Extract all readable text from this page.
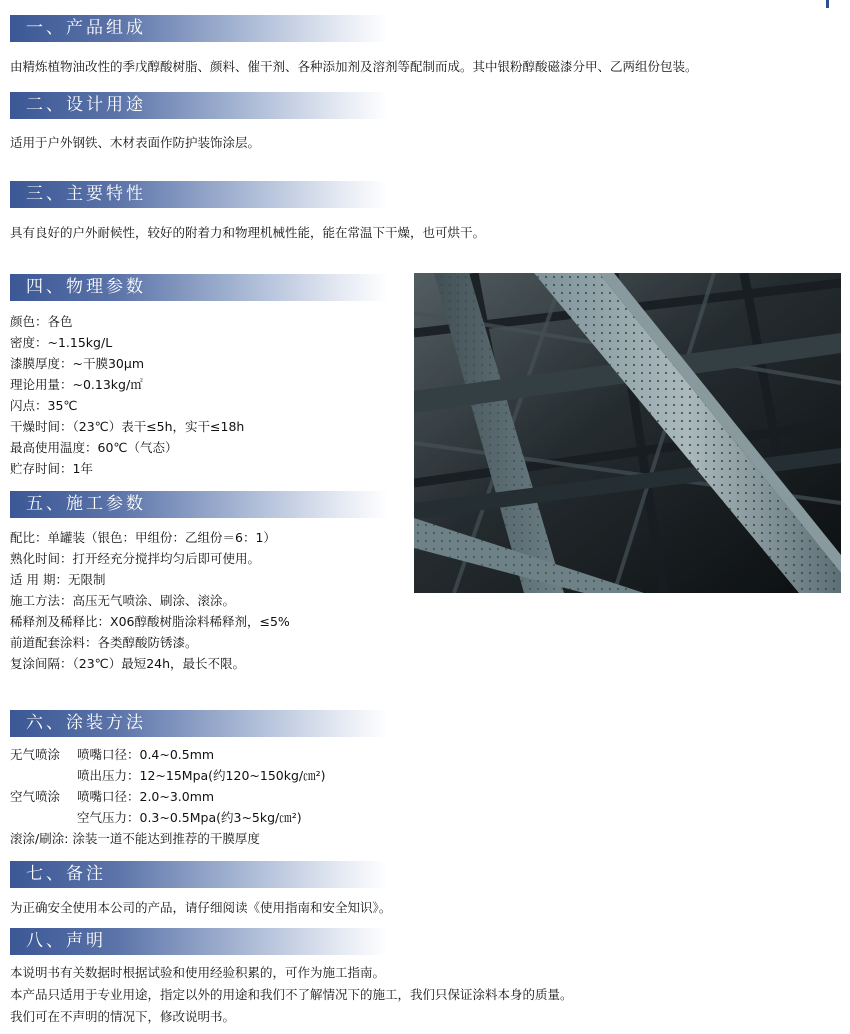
一、产品组成
由精炼植物油改性的季戊醇酸树脂、颜料、催干剂、各种添加剂及溶剂等配制而成。其中银粉醇酸磁漆分甲、乙两组份包装。
二、设计用途
适用于户外钢铁、木材表面作防护装饰涂层。
三、主要特性
具有良好的户外耐候性，较好的附着力和物理机械性能，能在常温下干燥，也可烘干。
四、物理参数
颜色：各色
密度：~1.15kg/L
漆膜厚度：~干膜30μm
理论用量：~0.13kg/㎡
闪点：35℃
干燥时间：（23℃）表干≤5h，实干≤18h
最高使用温度：60℃（气态）
贮存时间：1年
五、施工参数
配比：单罐装（银色：甲组份：乙组份＝6：1）
熟化时间：打开经充分搅拌均匀后即可使用。
适 用 期：无限制
施工方法：高压无气喷涂、刷涂、滚涂。
稀释剂及稀释比：X06醇酸树脂涂料稀释剂，≤5%
前道配套涂料：各类醇酸防锈漆。
复涂间隔：（23℃）最短24h，最长不限。
六、涂装方法
无气喷涂 喷嘴口径：0.4~0.5mm
喷出压力：12~15Mpa(约120~150kg/㎝²)
空气喷涂 喷嘴口径：2.0~3.0mm
空气压力：0.3~0.5Mpa(约3~5kg/㎝²)
滚涂/刷涂: 涂装一道不能达到推荐的干膜厚度
七、备注
为正确安全使用本公司的产品，请仔细阅读《使用指南和安全知识》。
八、声明
本说明书有关数据时根据试验和使用经验积累的，可作为施工指南。
本产品只适用于专业用途，指定以外的用途和我们不了解情况下的施工，我们只保证涂料本身的质量。
我们可在不声明的情况下，修改说明书。
